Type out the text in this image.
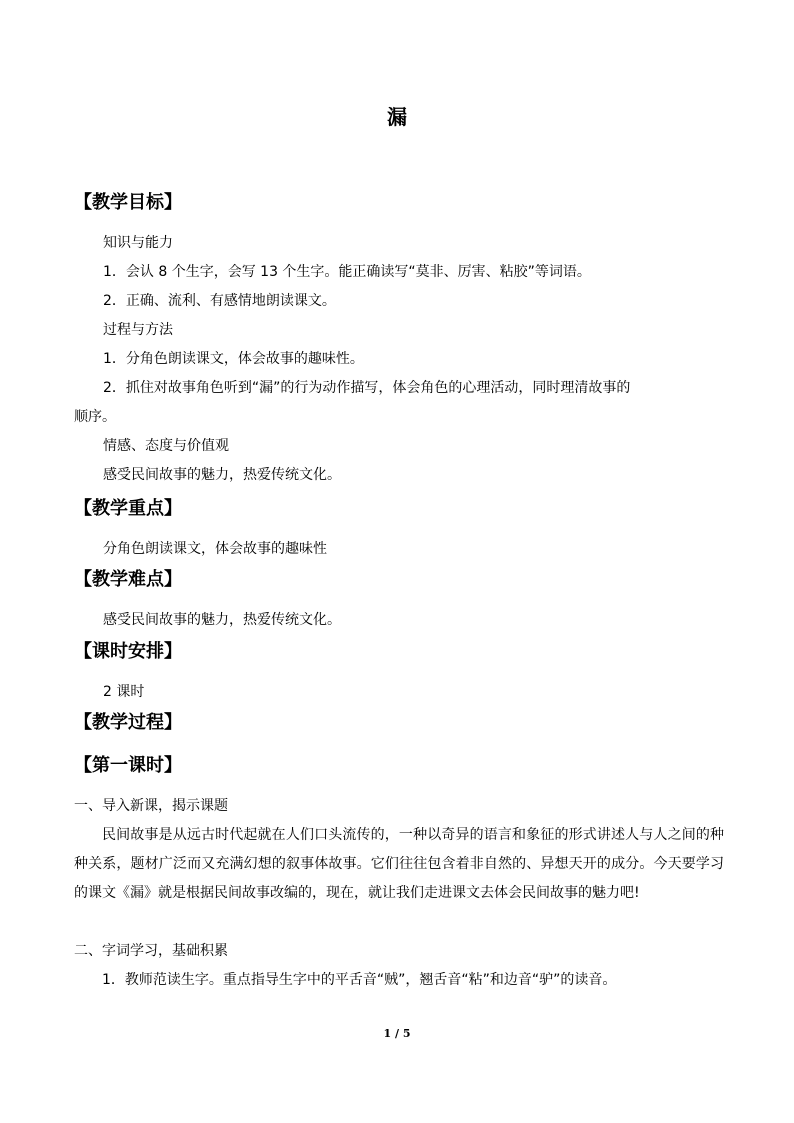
漏
【教学目标】
知识与能力
1．会认 8 个生字，会写 13 个生字。能正确读写“莫非、厉害、粘胶”等词语。
2．正确、流利、有感情地朗读课文。
过程与方法
1．分角色朗读课文，体会故事的趣味性。
2．抓住对故事角色听到“漏”的行为动作描写，体会角色的心理活动，同时理清故事的
顺序。
情感、态度与价值观
感受民间故事的魅力，热爱传统文化。
【教学重点】
分角色朗读课文，体会故事的趣味性
【教学难点】
感受民间故事的魅力，热爱传统文化。
【课时安排】
2 课时
【教学过程】
【第一课时】
一、导入新课，揭示课题
民间故事是从远古时代起就在人们口头流传的，一种以奇异的语言和象征的形式讲述人与人之间的种种关系，题材广泛而又充满幻想的叙事体故事。它们往往包含着非自然的、异想天开的成分。今天要学习的课文《漏》就是根据民间故事改编的，现在，就让我们走进课文去体会民间故事的魅力吧!
二、字词学习，基础积累
1．教师范读生字。重点指导生字中的平舌音“贼”，翘舌音“粘”和边音“驴”的读音。
1 / 5
